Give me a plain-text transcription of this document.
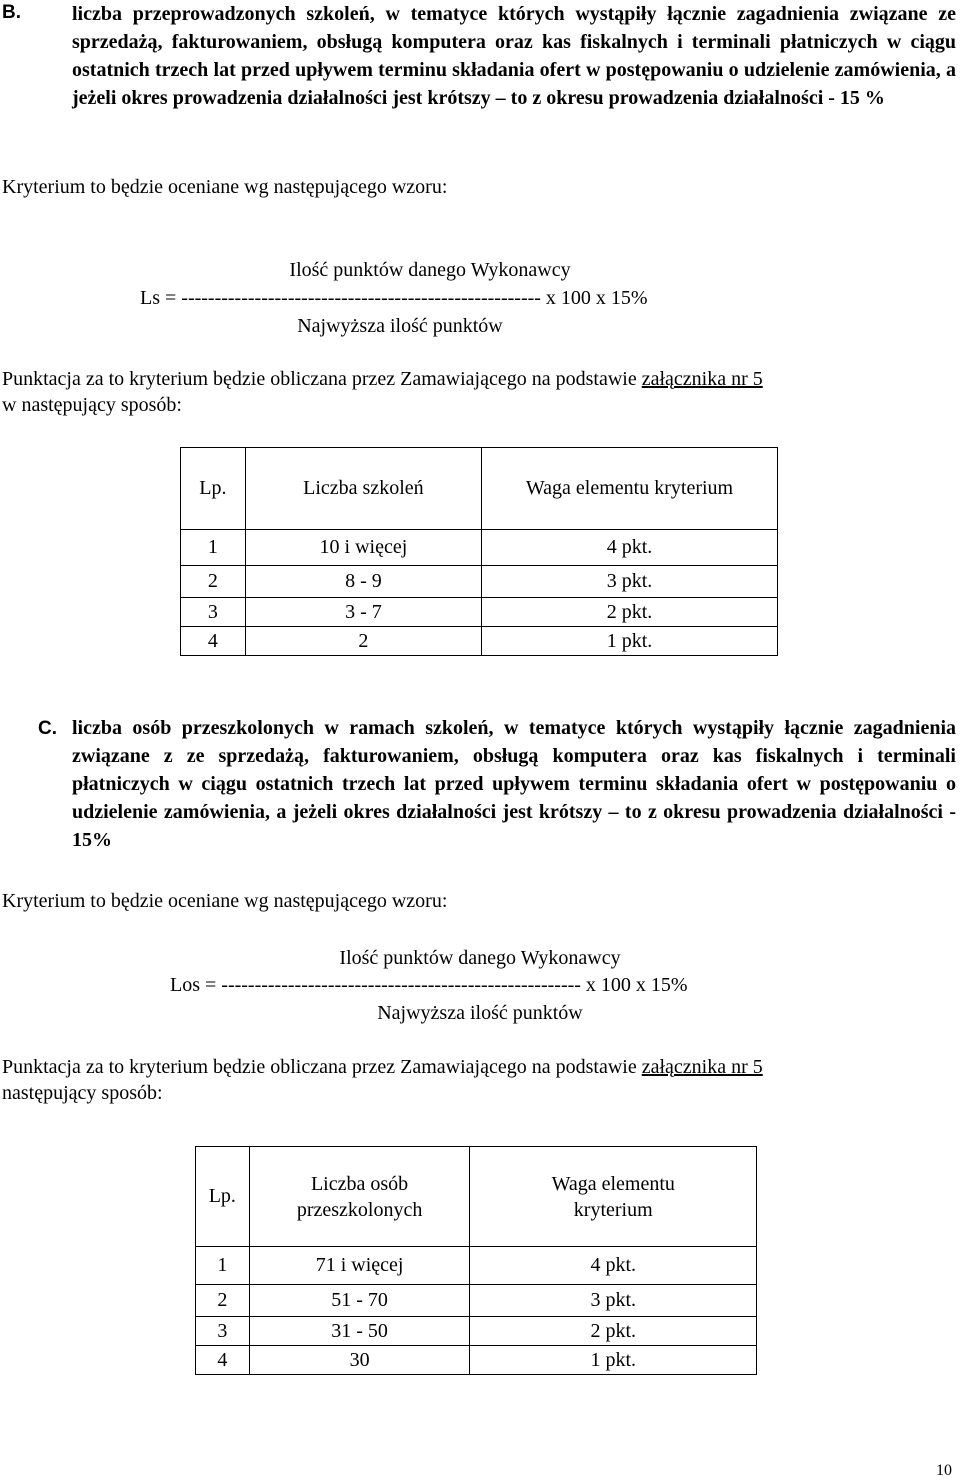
B.	liczba przeprowadzonych szkoleń, w tematyce których wystąpiły łącznie zagadnienia związane ze sprzedażą, fakturowaniem, obsługą komputera oraz kas fiskalnych i terminali płatniczych w ciągu ostatnich trzech lat przed upływem terminu składania ofert w postępowaniu o udzielenie zamówienia, a jeżeli okres prowadzenia działalności jest krótszy – to z okresu prowadzenia działalności - 15 %
Kryterium to będzie oceniane wg następującego wzoru:
Ilość punktów danego Wykonawcy
Ls = ------------------------------------------------------ x 100 x 15%
Najwyższa ilość punktów
Punktacja za to kryterium będzie obliczana przez Zamawiającego na podstawie załącznika nr 5
w następujący sposób:
Lp.	Liczba szkoleń	Waga elementu kryterium
1	10 i więcej	4 pkt.
2	8 - 9	3 pkt.
3	3 - 7	2 pkt.
4	2	1 pkt.
C. liczba osób przeszkolonych w ramach szkoleń, w tematyce których wystąpiły łącznie zagadnienia związane z ze sprzedażą, fakturowaniem, obsługą komputera oraz kas fiskalnych i terminali płatniczych w ciągu ostatnich trzech lat przed upływem terminu składania ofert w postępowaniu o udzielenie zamówienia, a jeżeli okres działalności jest krótszy – to z okresu prowadzenia działalności - 15%
Kryterium to będzie oceniane wg następującego wzoru:
Ilość punktów danego Wykonawcy
Los = ------------------------------------------------------ x 100 x 15%
Najwyższa ilość punktów
Punktacja za to kryterium będzie obliczana przez Zamawiającego na podstawie załącznika nr 5
następujący sposób:
Lp.	Liczba osób przeszkolonych	Waga elementu kryterium
1	71 i więcej	4 pkt.
2	51 - 70	3 pkt.
3	31 - 50	2 pkt.
4	30	1 pkt.
10
